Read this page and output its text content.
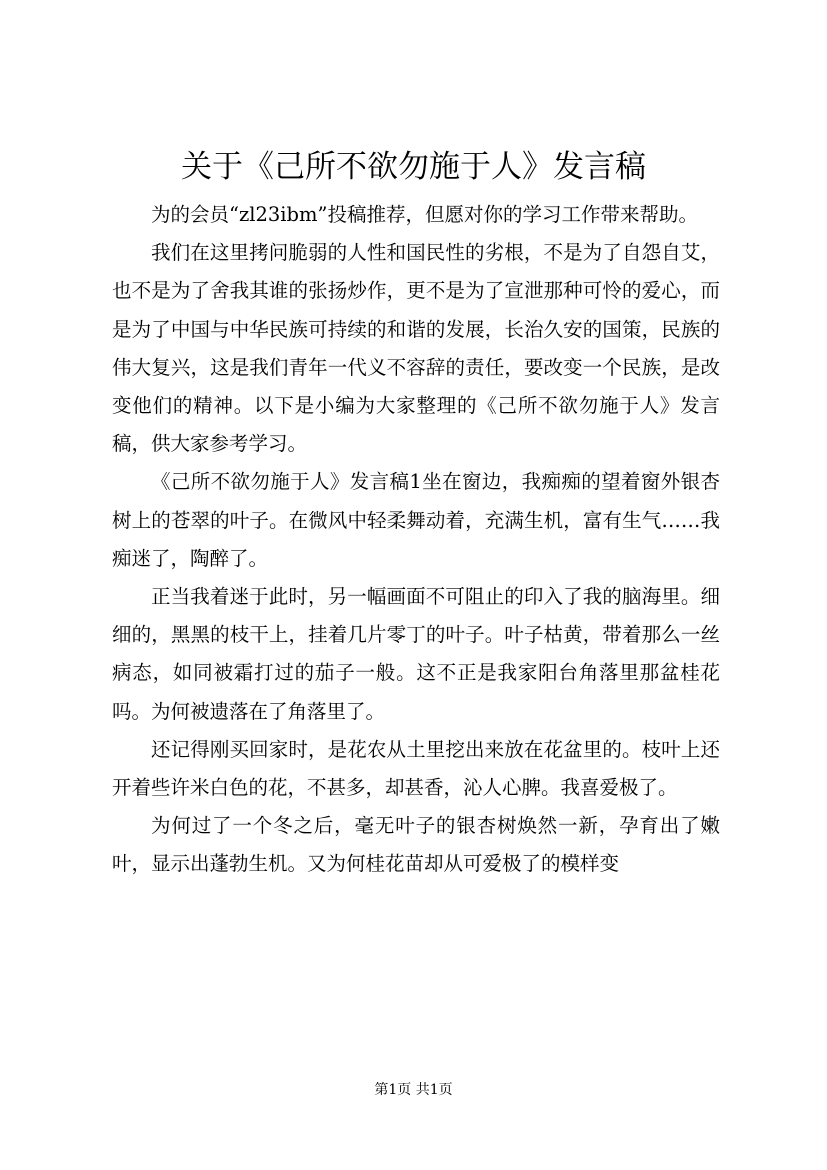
关于《己所不欲勿施于人》发言稿

为的会员“zl23ibm”投稿推荐，但愿对你的学习工作带来帮助。

我们在这里拷问脆弱的人性和国民性的劣根，不是为了自怨自艾，也不是为了舍我其谁的张扬炒作，更不是为了宣泄那种可怜的爱心，而是为了中国与中华民族可持续的和谐的发展，长治久安的国策，民族的伟大复兴，这是我们青年一代义不容辞的责任，要改变一个民族，是改变他们的精神。以下是小编为大家整理的《己所不欲勿施于人》发言稿，供大家参考学习。

《己所不欲勿施于人》发言稿1坐在窗边，我痴痴的望着窗外银杏树上的苍翠的叶子。在微风中轻柔舞动着，充满生机，富有生气……我痴迷了，陶醉了。

正当我着迷于此时，另一幅画面不可阻止的印入了我的脑海里。细细的，黑黑的枝干上，挂着几片零丁的叶子。叶子枯黄，带着那么一丝病态，如同被霜打过的茄子一般。这不正是我家阳台角落里那盆桂花吗。为何被遗落在了角落里了。

还记得刚买回家时，是花农从土里挖出来放在花盆里的。枝叶上还开着些许米白色的花，不甚多，却甚香，沁人心脾。我喜爱极了。

为何过了一个冬之后，毫无叶子的银杏树焕然一新，孕育出了嫩叶，显示出蓬勃生机。又为何桂花苗却从可爱极了的模样变

第1页 共1页
